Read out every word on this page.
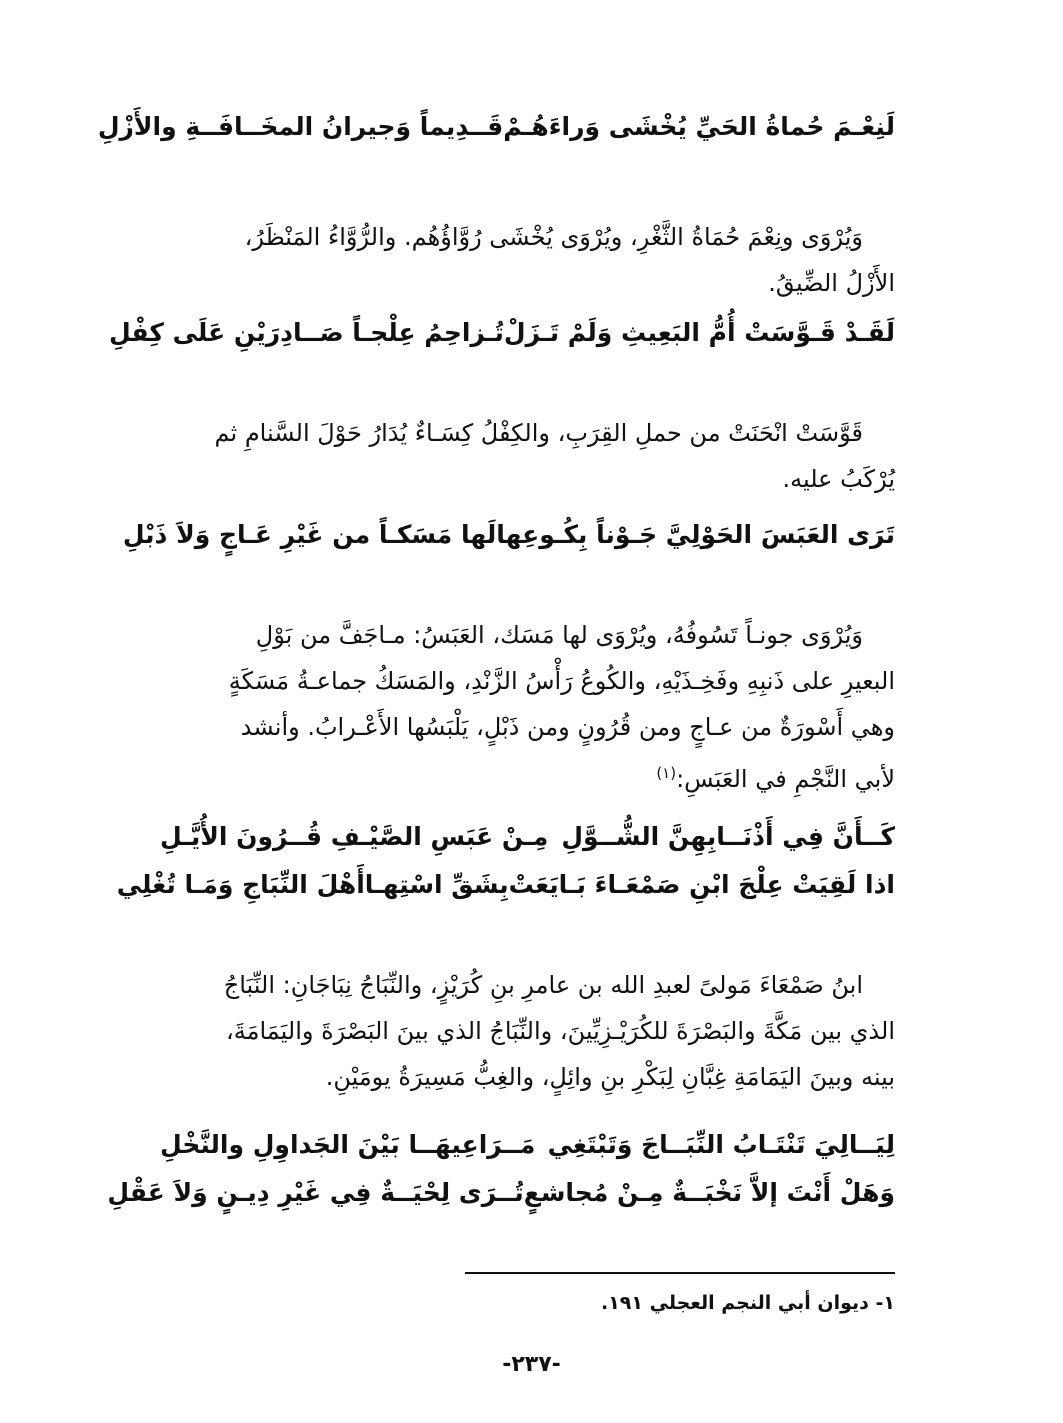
لَنِعْـمَ حُماةُ الحَيِّ يُخْشَى وَراءَهُـمْ
قَــدِيماً وَجيرانُ المخَــافَــةِ والأَزْلِ

وَيُرْوَى ونِعْمَ حُمَاةُ الثَّغْرِ، ويُرْوَى يُخْشَى رُوَّاؤُهُم. والرُّوَّاءُ المَنْظَرُ،

الأَزْلُ الضِّيقُ.

لَقَـدْ قَـوَّسَتْ أُمُّ البَعِيثِ وَلَمْ تَـزَلْ
تُـزاحِمُ عِلْجـاً صَــادِرَيْنِ عَلَى كِفْلِ

قَوَّسَتْ انْحَنَتْ من حملِ القِرَبِ، والكِفْلُ كِسَـاءٌ يُدَارُ حَوْلَ السَّنامِ ثم

يُرْكَبُ عليه.

تَرَى العَبَسَ الحَوْلِيَّ جَـوْناً بِكُـوعِها
لَها مَسَكـاً من غَيْرِ عَـاجٍ وَلاَ ذَبْلِ

وَيُرْوَى جونـاً تَسُوفُهُ، ويُرْوَى لها مَسَك، العَبَسُ: مـاجَفَّ من بَوْلِ

البعيرِ على ذَنبِهِ وفَخِـذَيْهِ، والكُوعُ رَأْسُ الزَّنْدِ، والمَسَكُ جماعـةُ مَسَكَةٍ

وهي أَسْورَةٌ من عـاجٍ ومن قُرُونٍ ومن ذَبْلٍ، يَلْبَسُها الأَعْـرابُ. وأنشد

لأبي النَّجْمِ في العَبَسِ:$^{(١)}$

كَــأَنَّ فِي أَذْنَــابِهِنَّ الشُّــوَّلِ
مِـنْ عَبَسِ الصَّيْـفِ قُــرُونَ الأُيَّـلِ
اذا لَقِيَتْ عِلْجَ ابْنِ صَمْعَـاءَ بَـايَعَتْ
بِشَقِّ اسْتِهـاأَهْلَ النِّبَاجِ وَمَـا تُغْلِي

ابنُ صَمْعَاءَ مَولىً لعبدِ الله بن عامرِ بنِ كُرَيْزٍ، والنِّبَاجُ نِبَاجَانِ: النِّبَاجُ

الذي بين مَكَّةَ والبَصْرَةَ للكُرَيْـزِيِّينَ، والنِّبَاجُ الذي بينَ البَصْرَةَ واليَمَامَةَ،

بينه وبينَ اليَمَامَةِ غِبَّانِ لِبَكْرِ بنِ وائِلٍ، والغِبُّ مَسِيرَةُ يومَيْنِ.

لِيَــالِيَ تَنْتَـابُ النِّبَــاجَ وَتَبْتَغِي
مَــرَاعِيهَــا بَيْنَ الجَداوِلِ والنَّخْلِ
وَهَلْ أَنْتَ إلاَّ نَخْبَــةٌ مِـنْ مُجاشعٍ
تُــرَى لِحْيَــةٌ فِي غَيْرِ دِيـنٍ وَلاَ عَقْلِ
١- ديوان أبي النجم العجلي ١٩١.
-٢٣٧-
